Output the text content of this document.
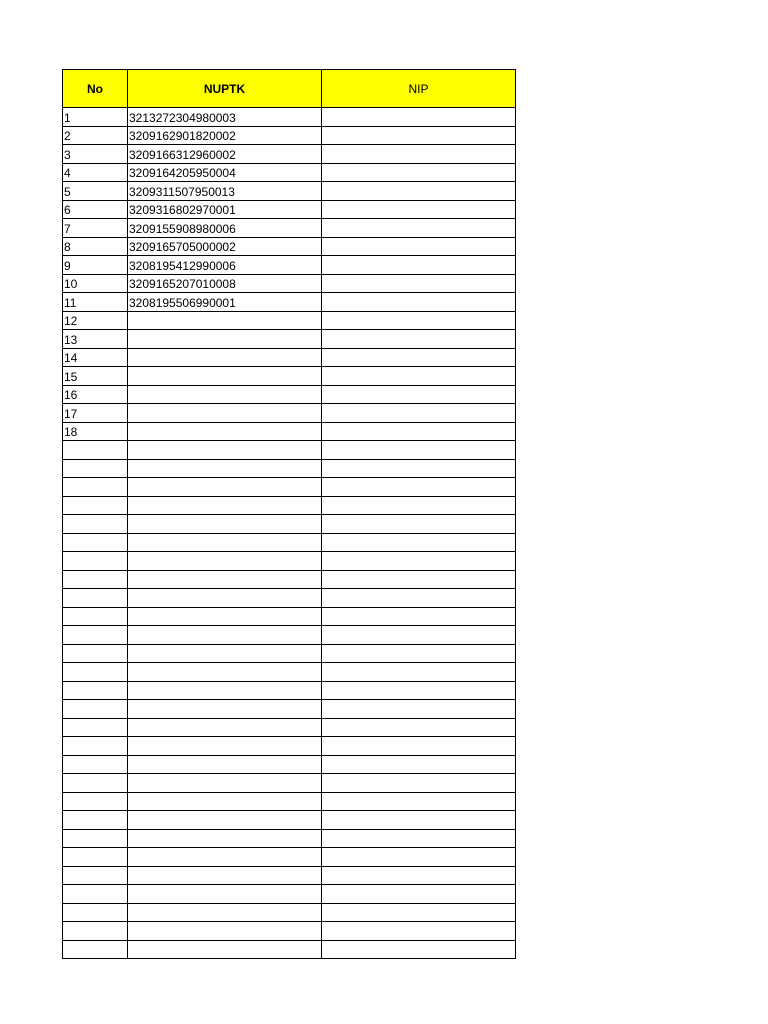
No	NUPTK	NIP
1	3213272304980003	
2	3209162901820002	
3	3209166312960002	
4	3209164205950004	
5	3209311507950013	
6	3209316802970001	
7	3209155908980006	
8	3209165705000002	
9	3208195412990006	
10	3209165207010008	
11	3208195506990001	
12		
13		
14		
15		
16		
17		
18		
